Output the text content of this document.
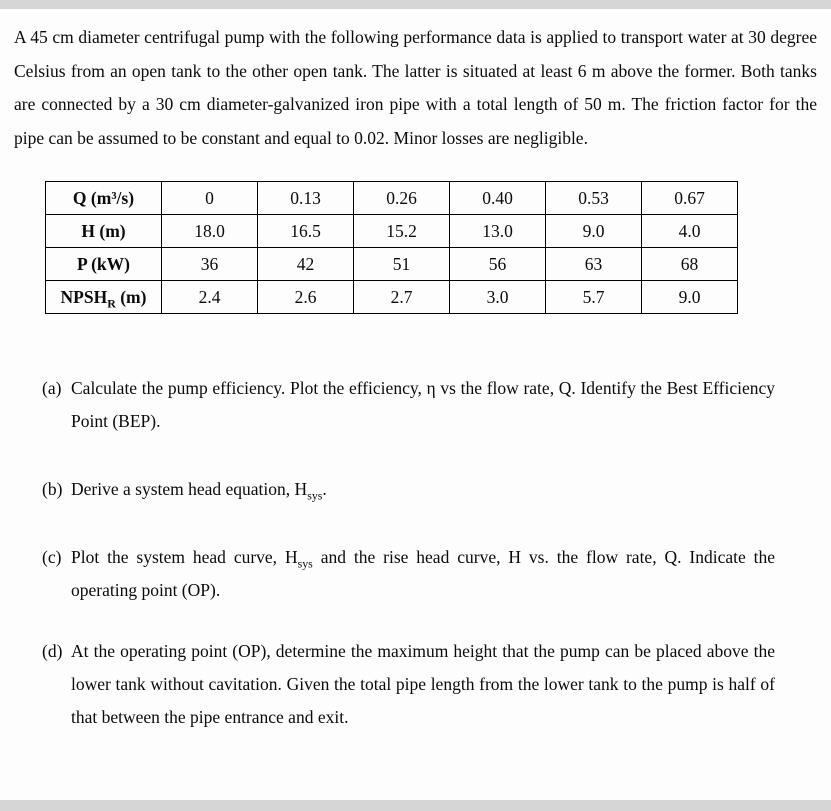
A 45 cm diameter centrifugal pump with the following performance data is applied to transport water at 30 degree Celsius from an open tank to the other open tank. The latter is situated at least 6 m above the former. Both tanks are connected by a 30 cm diameter-galvanized iron pipe with a total length of 50 m. The friction factor for the pipe can be assumed to be constant and equal to 0.02. Minor losses are negligible.

Q (m³/s)	0	0.13	0.26	0.40	0.53	0.67
H (m)	18.0	16.5	15.2	13.0	9.0	4.0
P (kW)	36	42	51	56	63	68
$NPSH_R$ (m)	2.4	2.6	2.7	3.0	5.7	9.0
(a) Calculate the pump efficiency. Plot the efficiency, η vs the flow rate, Q. Identify the Best Efficiency Point (BEP).
(b) Derive a system head equation, $H_{sys}$.
(c) Plot the system head curve, $H_{sys}$ and the rise head curve, H vs. the flow rate, Q. Indicate the operating point (OP).
(d) At the operating point (OP), determine the maximum height that the pump can be placed above the lower tank without cavitation. Given the total pipe length from the lower tank to the pump is half of that between the pipe entrance and exit.
